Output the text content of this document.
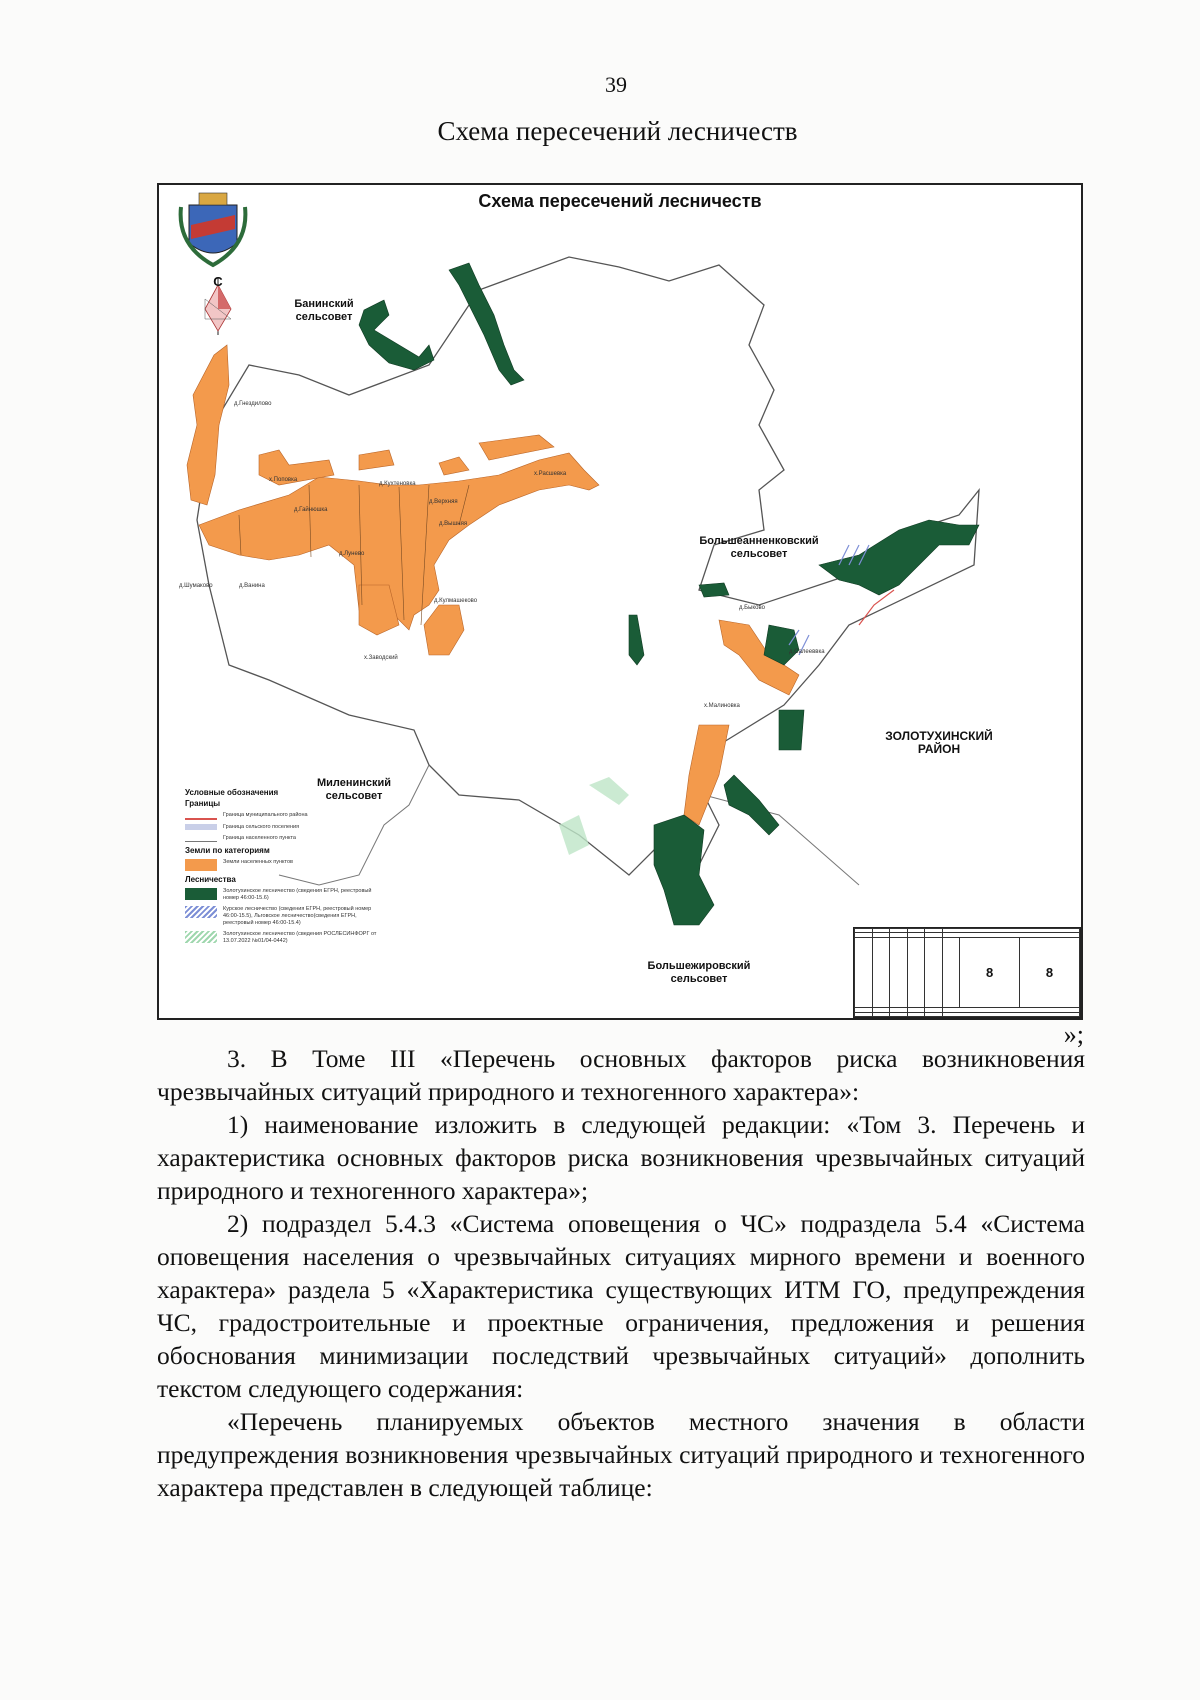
39
Схема пересечений лесничеств
Схема пересечений лесничеств
С
Банинский
сельсовет
Большеанненковский
сельсовет
ЗОЛОТУХИНСКИЙ
РАЙОН
Миленинский
сельсовет
Большежировский
сельсовет
д.Гнездилово
х.Поповка
д.Кухтеновка
д.Верхняя
х.Расшевка
д.Гайнюшка
д.Лунево
д.Вышняя
д.Шумаково	д.Ванина
д.Кулмашеково
х.Заводский
д.Салееввка
х.Малиновка
д.Быково
Условные обозначения
Границы
Граница муниципального района
Граница сельского поселения
Граница населенного пункта
Земли по категориям
Земли населенных пунктов
Лесничества
Золотухинское лесничество (сведения ЕГРН, реестровый номер 46:00-15.6)
Курское лесничество (сведения ЕГРН, реестровый номер 46:00-15.5), Льговское лесничество(сведения ЕГРН, реестровый номер 46:00-15.4)
Золотухинское лесничество (сведения РОСЛЕСИНФОРГ от 13.07.2022 №01/04-0442)

						8	8

»;

3. В Томе III «Перечень основных факторов риска возникновения чрезвычайных ситуаций природного и техногенного характера»:

1) наименование изложить в следующей редакции: «Том 3. Перечень и характеристика основных факторов риска возникновения чрезвычайных ситуаций природного и техногенного характера»;

2) подраздел 5.4.3 «Система оповещения о ЧС» подраздела 5.4 «Система оповещения населения о чрезвычайных ситуациях мирного времени и военного характера» раздела 5 «Характеристика существующих ИТМ ГО, предупреждения ЧС, градостроительные и проектные ограничения, предложения и решения обоснования минимизации последствий чрезвычайных ситуаций» дополнить текстом следующего содержания:

«Перечень планируемых объектов местного значения в области предупреждения возникновения чрезвычайных ситуаций природного и техногенного характера представлен в следующей таблице:
